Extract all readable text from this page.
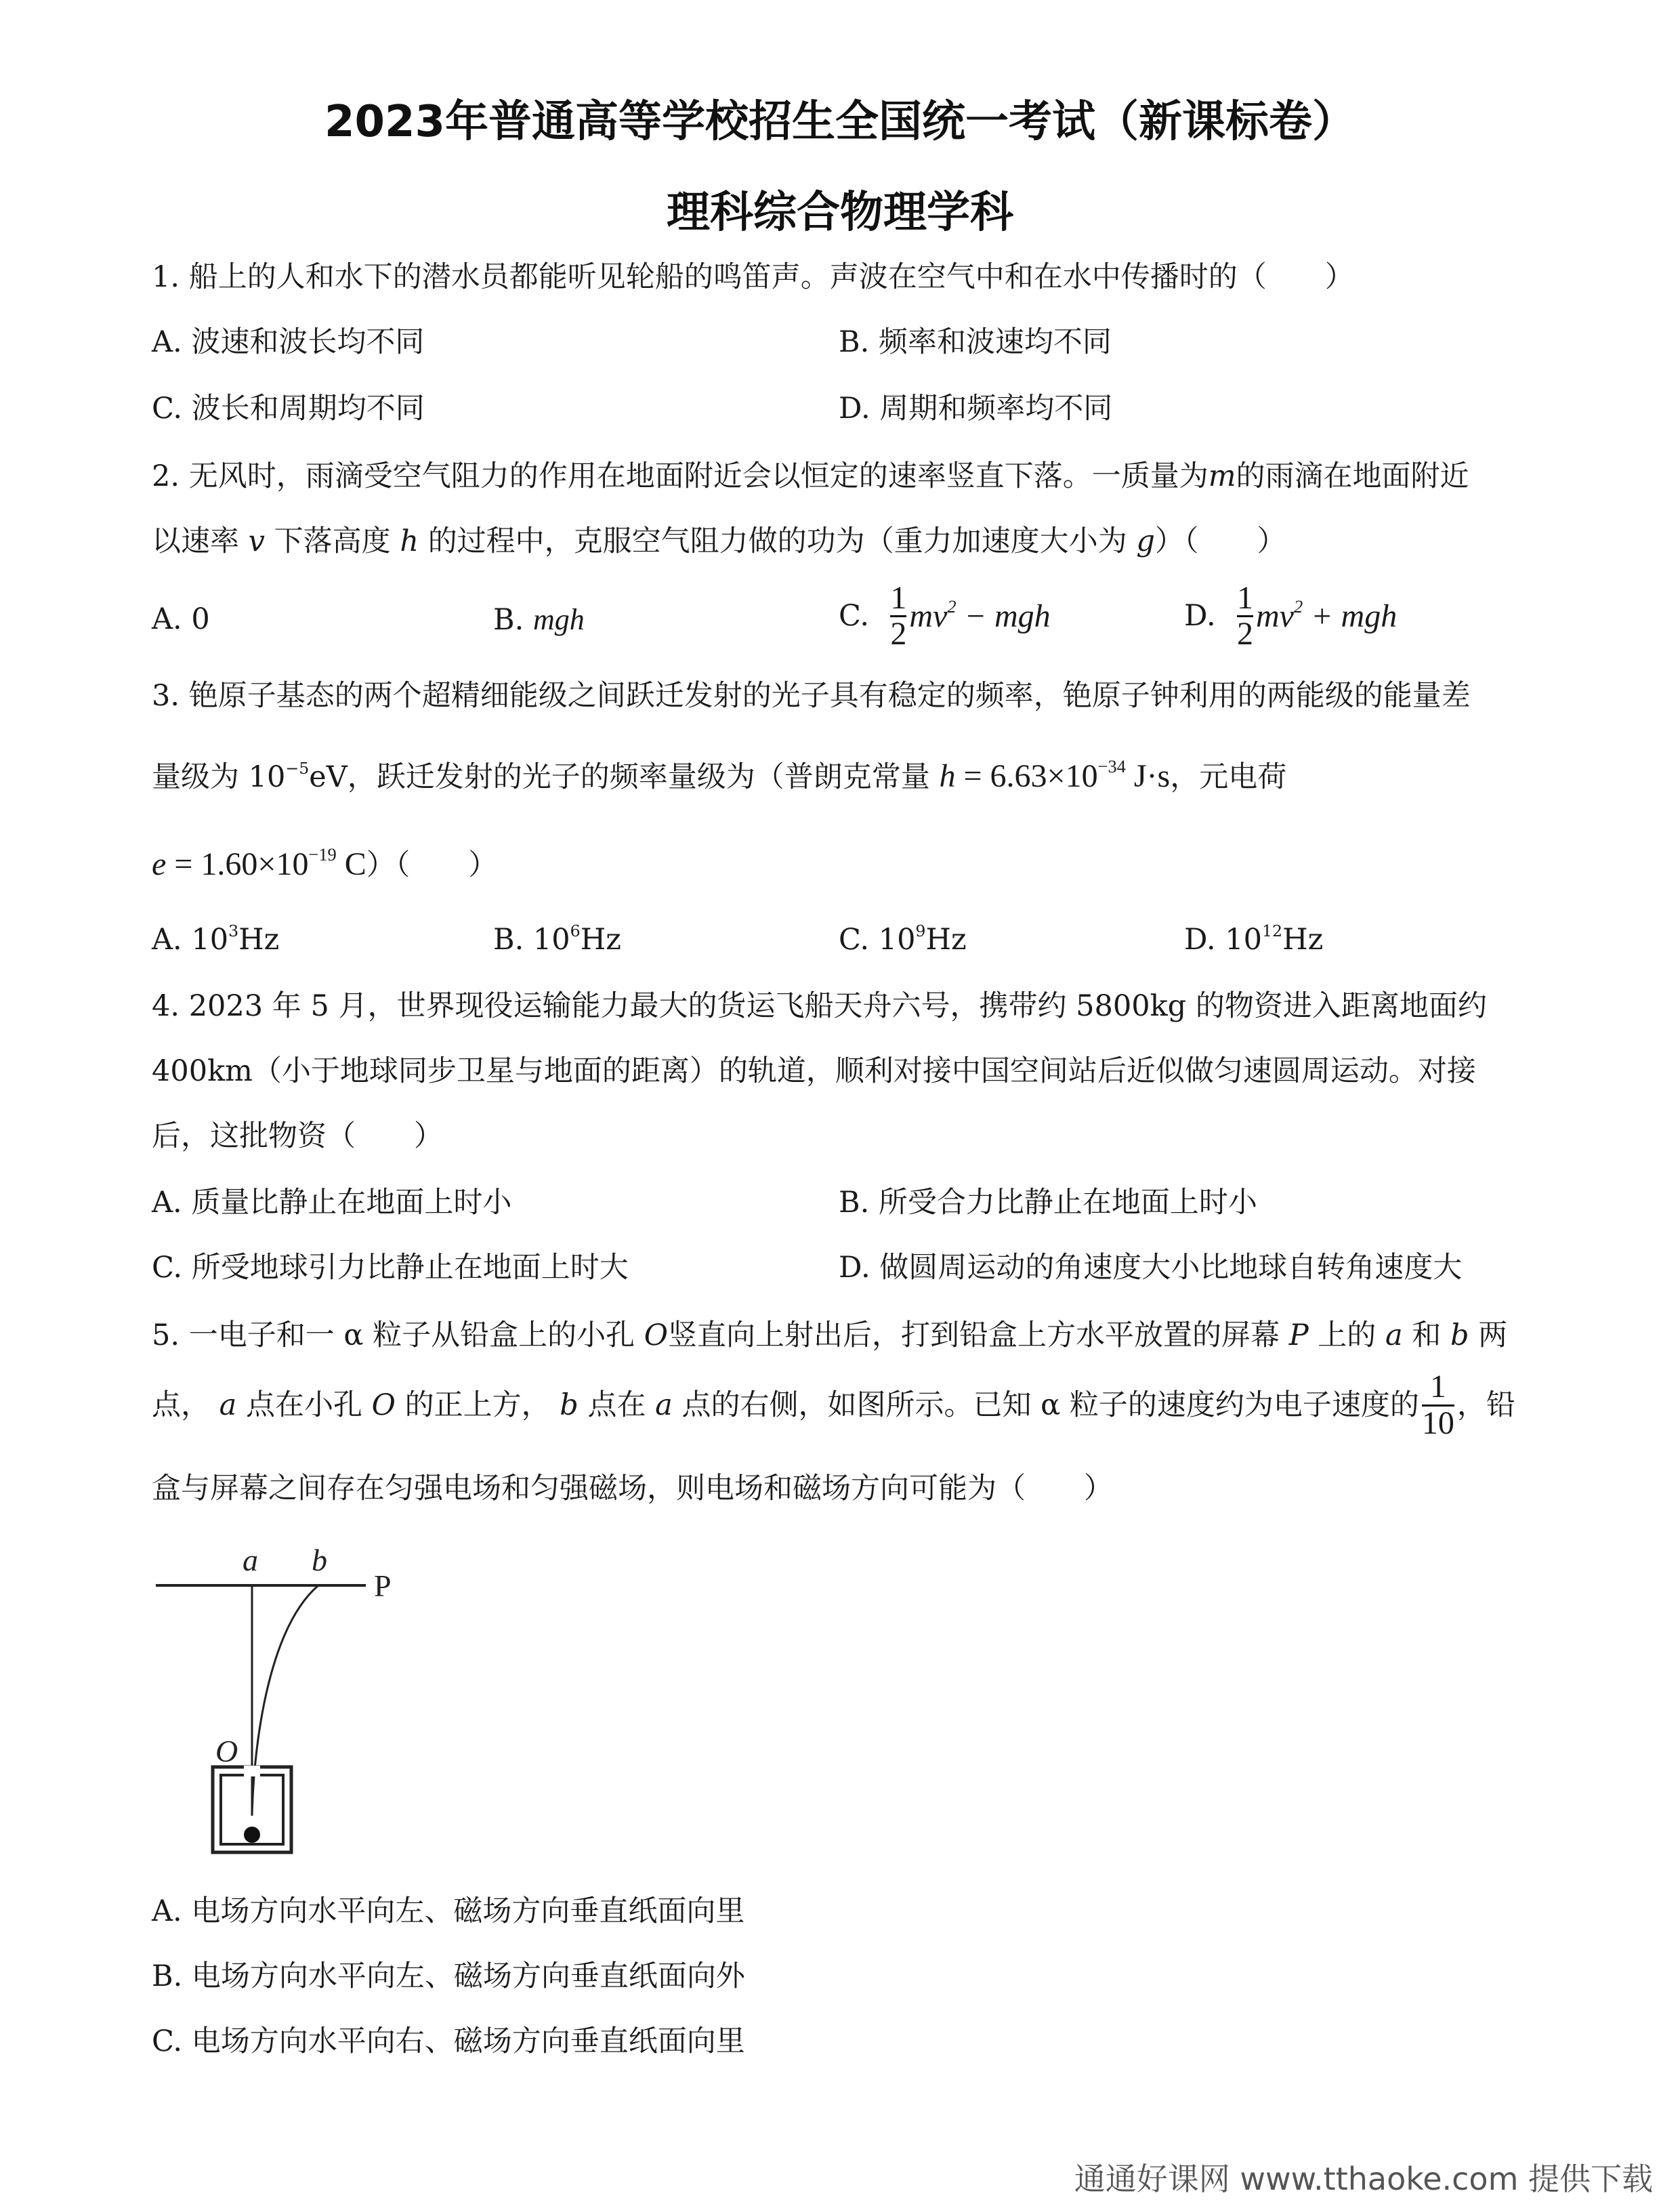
2023年普通高等学校招生全国统一考试（新课标卷）
理科综合物理学科
1. 船上的人和水下的潜水员都能听见轮船的鸣笛声。声波在空气中和在水中传播时的（　　）
A. 波速和波长均不同	B. 频率和波速均不同
C. 波长和周期均不同	D. 周期和频率均不同
2. 无风时，雨滴受空气阻力的作用在地面附近会以恒定的速率竖直下落。一质量为m的雨滴在地面附近
以速率 v 下落高度 h 的过程中，克服空气阻力做的功为（重力加速度大小为 g）（　　）
A. 0	B. mgh	C.
$\frac{1}{2} mv^2$ − mgh	D.
$\frac{1}{2} mv^2$ + mgh
3. 铯原子基态的两个超精细能级之间跃迁发射的光子具有稳定的频率，铯原子钟利用的两能级的能量差
量级为 $10^{-5}eV$，跃迁发射的光子的频率量级为（普朗克常量 $h = 6.63\times 10^{-34}$ J·s，元电荷
$e = 1.60\times 10^{-19}$ C）（　　）
A. $10^3Hz$	B. $10^6Hz$	C. $10^9Hz$	D. $10^{12}Hz$
4. 2023 年 5 月，世界现役运输能力最大的货运飞船天舟六号，携带约 5800kg 的物资进入距离地面约
400km（小于地球同步卫星与地面的距离）的轨道，顺利对接中国空间站后近似做匀速圆周运动。对接
后，这批物资（　　）
A. 质量比静止在地面上时小	B. 所受合力比静止在地面上时小
C. 所受地球引力比静止在地面上时大	D. 做圆周运动的角速度大小比地球自转角速度大
5. 一电子和一 α 粒子从铅盒上的小孔 O竖直向上射出后，打到铅盒上方水平放置的屏幕 P 上的 a 和 b 两
点，
a
点在小孔
O
的正上方，
b
点在
a
点的右侧，如图所示。已知 α 粒子的速度约为电子速度的 $\frac{1}{10}$ ，铅
盒与屏幕之间存在匀强电场和匀强磁场，则电场和磁场方向可能为（　　）
a b
P
O
A. 电场方向水平向左、磁场方向垂直纸面向里
B. 电场方向水平向左、磁场方向垂直纸面向外
C. 电场方向水平向右、磁场方向垂直纸面向里
通通好课网 www.tthaoke.com 提供下载
